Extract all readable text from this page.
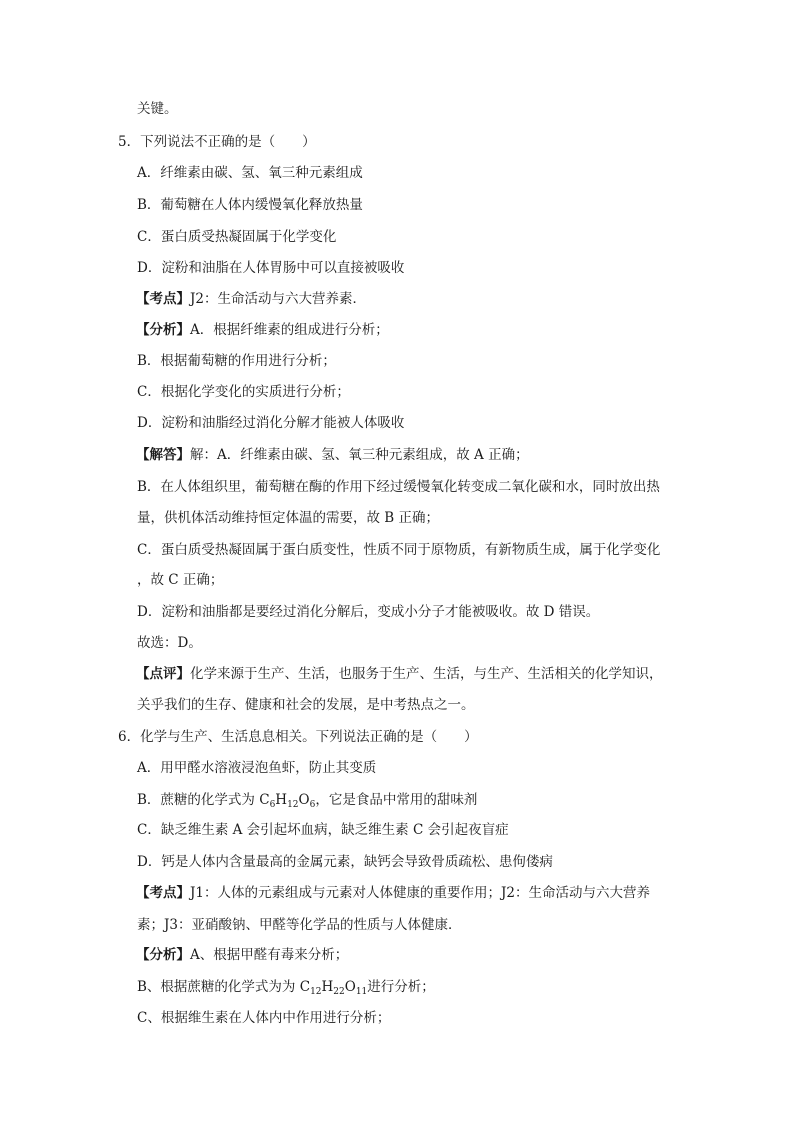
关键。
5．下列说法不正确的是（　　）
A．纤维素由碳、氢、氧三种元素组成
B．葡萄糖在人体内缓慢氧化释放热量
C．蛋白质受热凝固属于化学变化
D．淀粉和油脂在人体胃肠中可以直接被吸收
【考点】J2：生命活动与六大营养素．
【分析】A．根据纤维素的组成进行分析；
B．根据葡萄糖的作用进行分析；
C．根据化学变化的实质进行分析；
D．淀粉和油脂经过消化分解才能被人体吸收
【解答】解：A．纤维素由碳、氢、氧三种元素组成，故 A 正确；
B．在人体组织里，葡萄糖在酶的作用下经过缓慢氧化转变成二氧化碳和水，同时放出热
量，供机体活动维持恒定体温的需要，故 B 正确；
C．蛋白质受热凝固属于蛋白质变性，性质不同于原物质，有新物质生成，属于化学变化
，故 C 正确；
D．淀粉和油脂都是要经过消化分解后，变成小分子才能被吸收。故 D 错误。
故选：D。
【点评】化学来源于生产、生活，也服务于生产、生活，与生产、生活相关的化学知识，
关乎我们的生存、健康和社会的发展，是中考热点之一。
6．化学与生产、生活息息相关。下列说法正确的是（　　）
A．用甲醛水溶液浸泡鱼虾，防止其变质
B．蔗糖的化学式为 $C_6H_{12}O_6$，它是食品中常用的甜味剂
C．缺乏维生素 A 会引起坏血病，缺乏维生素 C 会引起夜盲症
D．钙是人体内含量最高的金属元素，缺钙会导致骨质疏松、患佝偻病
【考点】J1：人体的元素组成与元素对人体健康的重要作用；J2：生命活动与六大营养
素；J3：亚硝酸钠、甲醛等化学品的性质与人体健康．
【分析】A、根据甲醛有毒来分析；
B、根据蔗糖的化学式为为 $C_{12}H_{22}O_{11}$进行分析；
C、根据维生素在人体内中作用进行分析；
